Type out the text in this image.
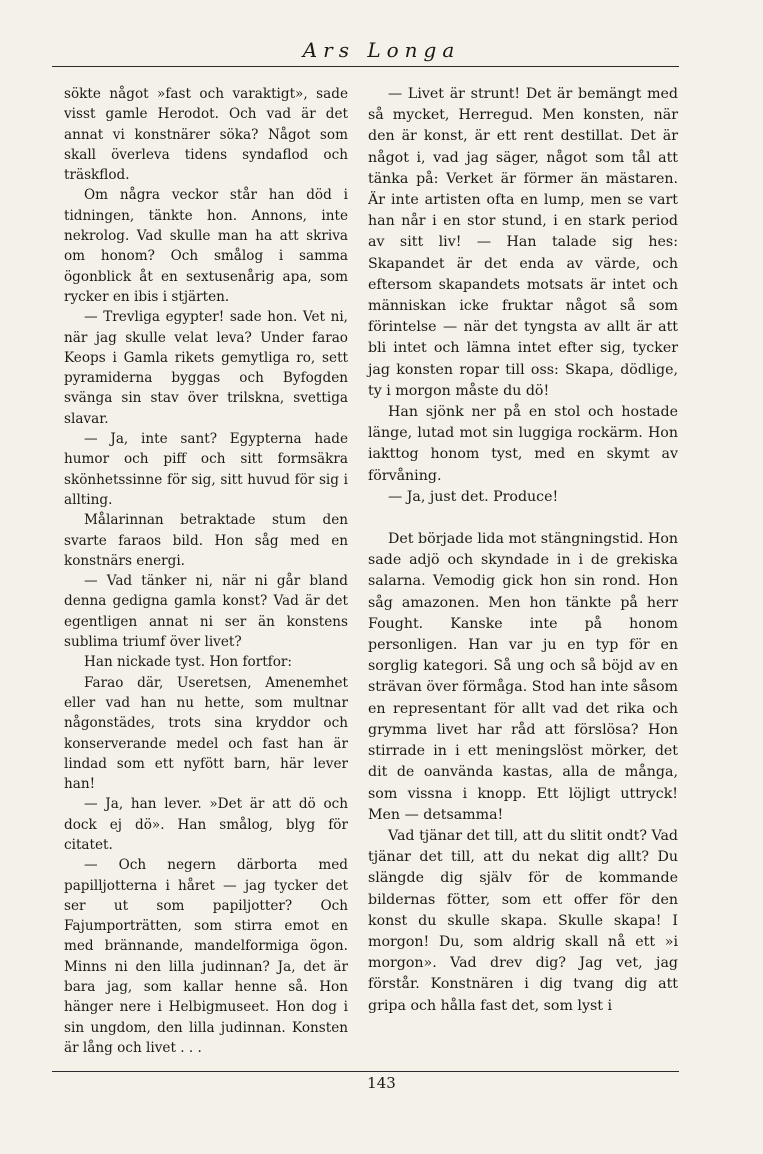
Ars Longa

sökte något »fast och varaktigt», sade visst gamle Herodot. Och vad är det annat vi konstnärer söka? Något som skall överleva tidens syndaflod och träskflod.

Om några veckor står han död i tidningen, tänkte hon. Annons, inte nekrolog. Vad skulle man ha att skriva om honom? Och smålog i samma ögonblick åt en sextusenårig apa, som rycker en ibis i stjärten.

— Trevliga egypter! sade hon. Vet ni, när jag skulle velat leva? Under farao Keops i Gamla rikets gemytliga ro, sett pyramiderna byggas och Byfogden svänga sin stav över trilskna, svettiga slavar.

— Ja, inte sant? Egypterna hade humor och piff och sitt formsäkra skönhetssinne för sig, sitt huvud för sig i allting.

Målarinnan betraktade stum den svarte faraos bild. Hon såg med en konstnärs energi.

— Vad tänker ni, när ni går bland denna gedigna gamla konst? Vad är det egentligen annat ni ser än konstens sublima triumf över livet?

Han nickade tyst. Hon fortfor:

Farao där, Useretsen, Amenemhet eller vad han nu hette, som multnar någonstädes, trots sina kryddor och konserverande medel och fast han är lindad som ett nyfött barn, här lever han!

— Ja, han lever. »Det är att dö och dock ej dö». Han smålog, blyg för citatet.

— Och negern därborta med papilljotterna i håret — jag tycker det ser ut som papiljotter? Och Fajumporträtten, som stirra emot en med brännande, mandelformiga ögon. Minns ni den lilla judinnan? Ja, det är bara jag, som kallar henne så. Hon hänger nere i Helbigmuseet. Hon dog i sin ungdom, den lilla judinnan. Konsten är lång och livet . . .

— Livet är strunt! Det är bemängt med så mycket, Herregud. Men konsten, när den är konst, är ett rent destillat. Det är något i, vad jag säger, något som tål att tänka på: Verket är förmer än mästaren. Är inte artisten ofta en lump, men se vart han når i en stor stund, i en stark period av sitt liv! — Han talade sig hes: Skapandet är det enda av värde, och eftersom skapandets motsats är intet och människan icke fruktar något så som förintelse — när det tyngsta av allt är att bli intet och lämna intet efter sig, tycker jag konsten ropar till oss: Skapa, dödlige, ty i morgon måste du dö!

Han sjönk ner på en stol och hostade länge, lutad mot sin luggiga rockärm. Hon iakttog honom tyst, med en skymt av förvåning.

— Ja, just det. Produce!

Det började lida mot stängningstid. Hon sade adjö och skyndade in i de grekiska salarna. Vemodig gick hon sin rond. Hon såg amazonen. Men hon tänkte på herr Fought. Kanske inte på honom personligen. Han var ju en typ för en sorglig kategori. Så ung och så böjd av en strävan över förmåga. Stod han inte såsom en representant för allt vad det rika och grymma livet har råd att förslösa? Hon stirrade in i ett meningslöst mörker, det dit de oanvända kastas, alla de många, som vissna i knopp. Ett löjligt uttryck! Men — detsamma!

Vad tjänar det till, att du slitit ondt? Vad tjänar det till, att du nekat dig allt? Du slängde dig själv för de kommande bildernas fötter, som ett offer för den konst du skulle skapa. Skulle skapa! I morgon! Du, som aldrig skall nå ett »i morgon». Vad drev dig? Jag vet, jag förstår. Konstnären i dig tvang dig att gripa och hålla fast det, som lyst i

143
